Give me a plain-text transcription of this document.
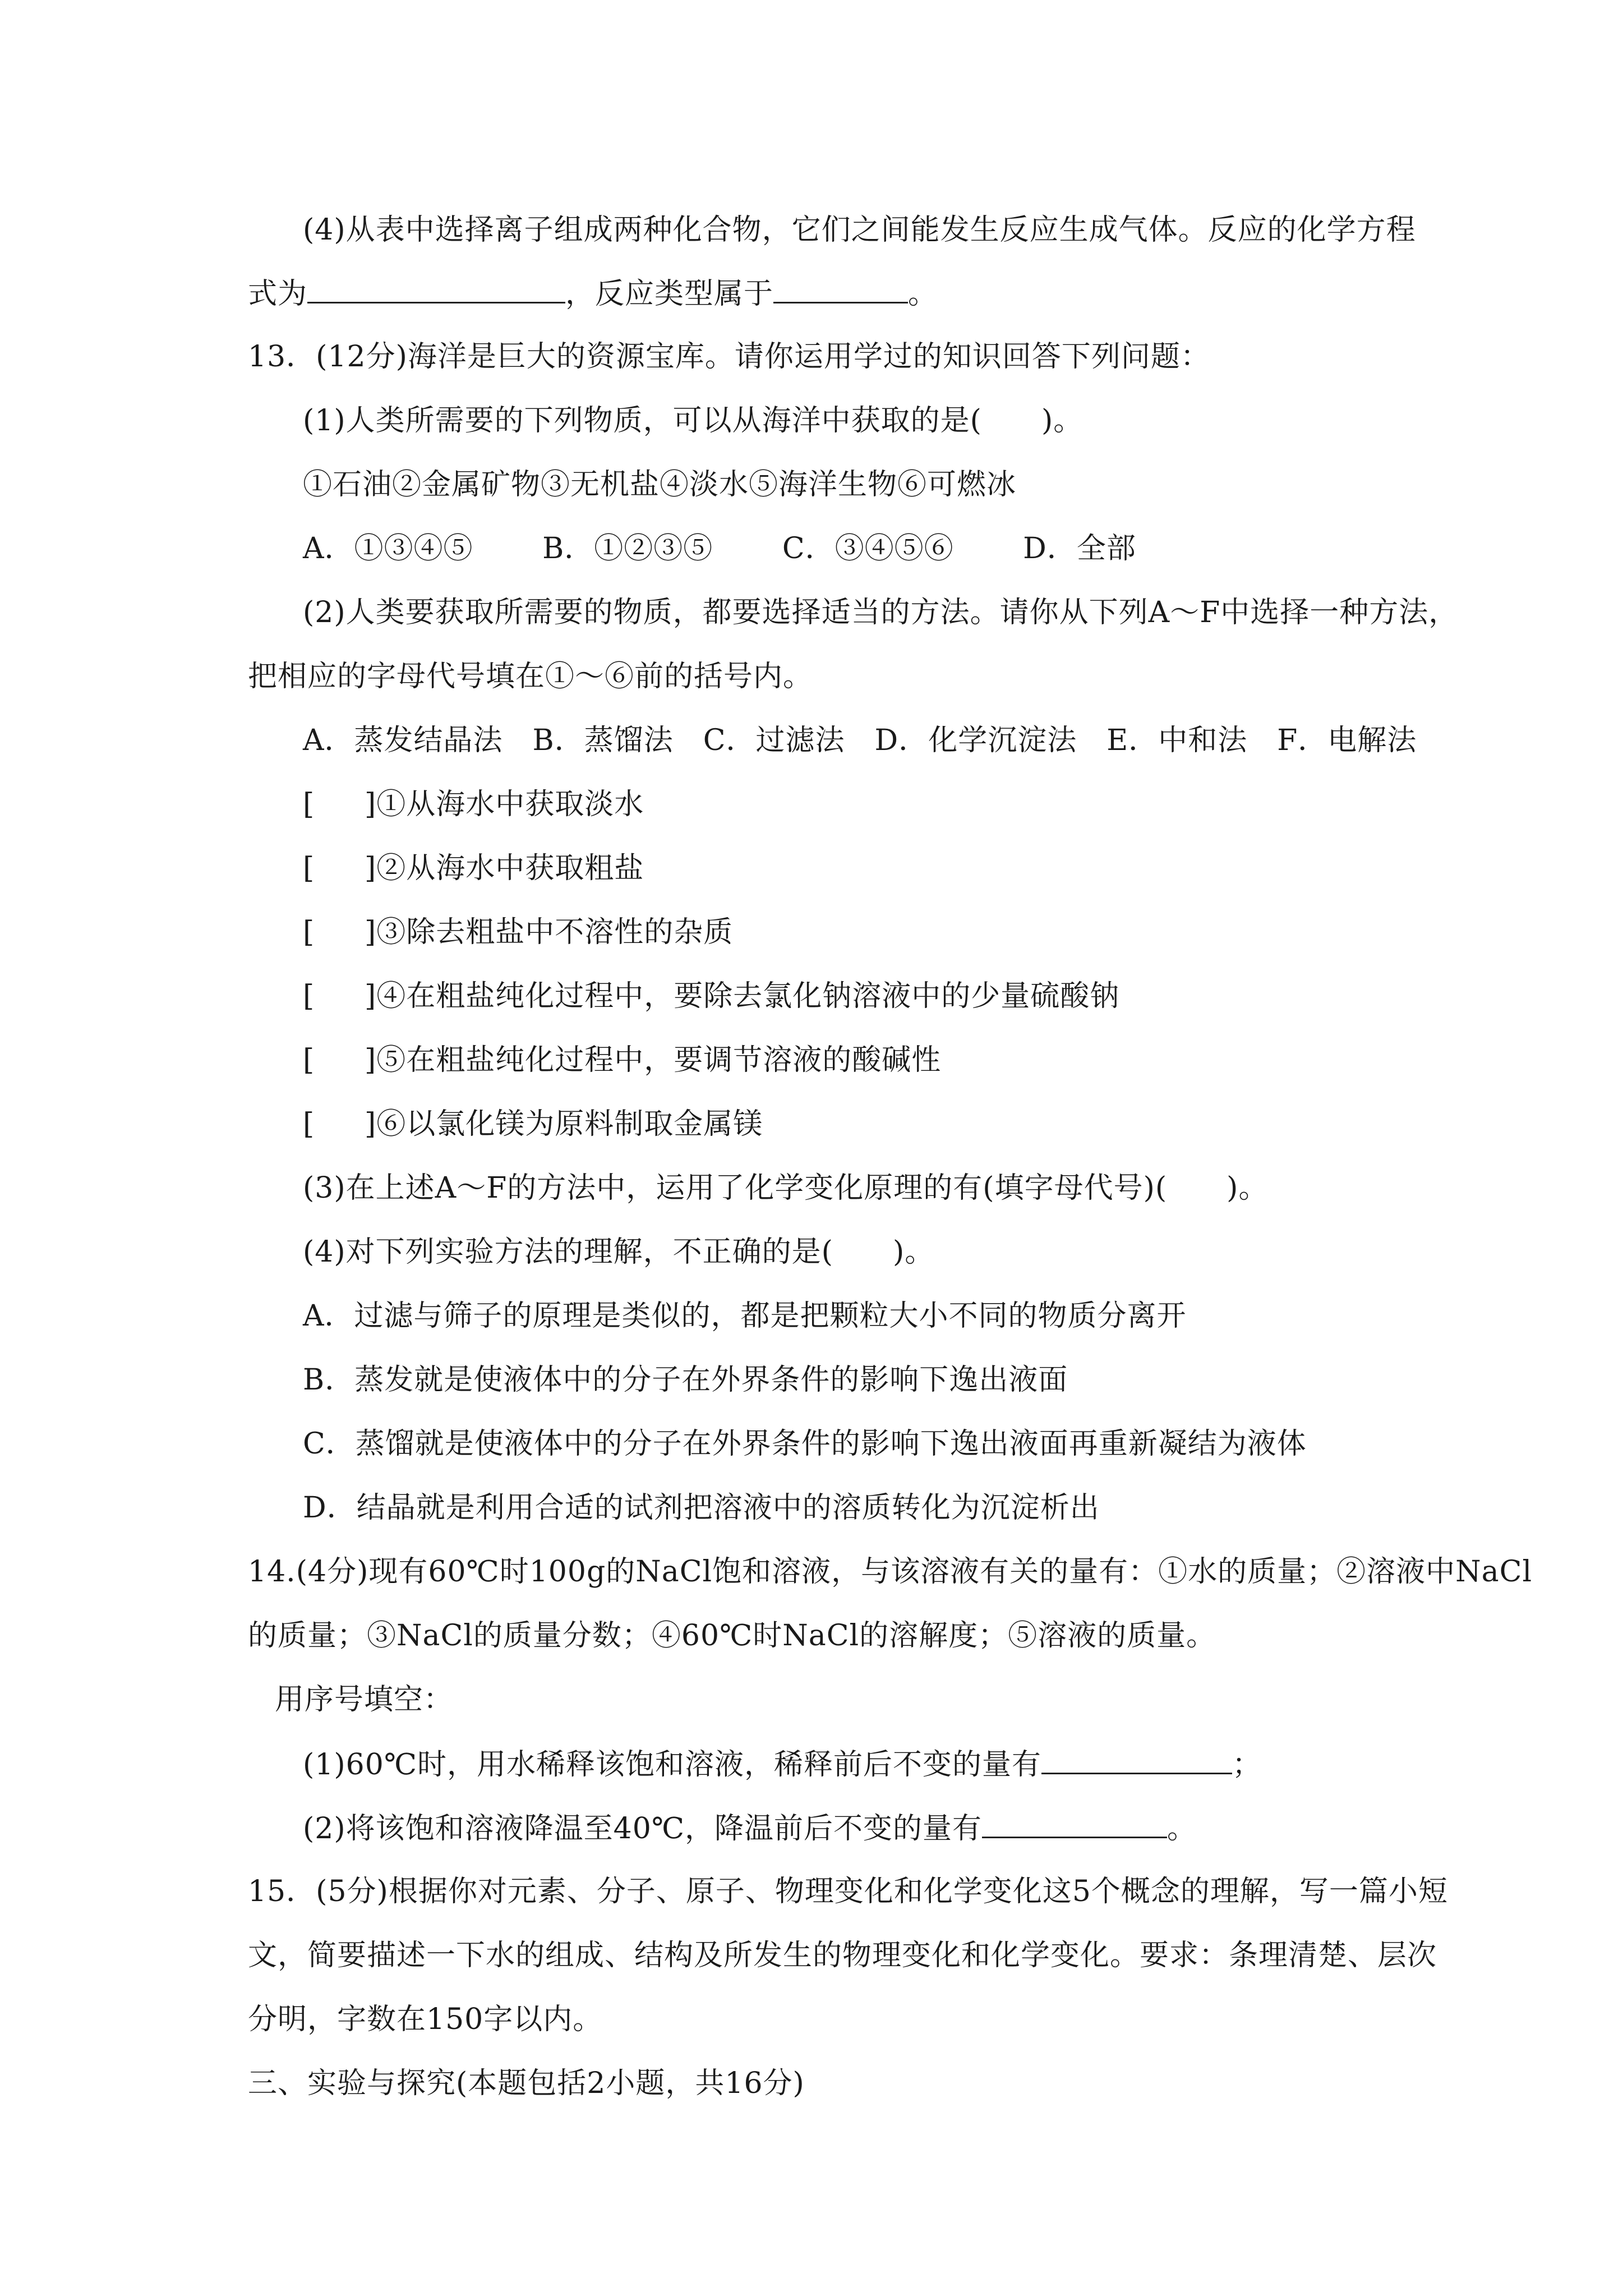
(4)从表中选择离子组成两种化合物，它们之间能发生反应生成气体。反应的化学方程
式为	，反应类型属于	。
13．(12分)海洋是巨大的资源宝库。请你运用学过的知识回答下列问题：
(1)人类所需要的下列物质，可以从海洋中获取的是(　　)。
①石油②金属矿物③无机盐④淡水⑤海洋生物⑥可燃冰
A．①③④⑤　　 B．①②③⑤　　 C．③④⑤⑥　　 D．全部
(2)人类要获取所需要的物质，都要选择适当的方法。请你从下列A～F中选择一种方法，
把相应的字母代号填在①～⑥前的括号内。
A．蒸发结晶法　B．蒸馏法　C．过滤法　D．化学沉淀法　E．中和法　F．电解法
[ ]①从海水中获取淡水
[ ]②从海水中获取粗盐
[ ]③除去粗盐中不溶性的杂质
[ ]④在粗盐纯化过程中，要除去氯化钠溶液中的少量硫酸钠
[ ]⑤在粗盐纯化过程中，要调节溶液的酸碱性
[ ]⑥以氯化镁为原料制取金属镁
(3)在上述A～F的方法中，运用了化学变化原理的有(填字母代号)(　　)。
(4)对下列实验方法的理解，不正确的是(　　)。
A．过滤与筛子的原理是类似的，都是把颗粒大小不同的物质分离开
B．蒸发就是使液体中的分子在外界条件的影响下逸出液面
C．蒸馏就是使液体中的分子在外界条件的影响下逸出液面再重新凝结为液体
D．结晶就是利用合适的试剂把溶液中的溶质转化为沉淀析出
14.(4分)现有60℃时100g的NaCl饱和溶液，与该溶液有关的量有：①水的质量；②溶液中NaCl
的质量；③NaCl的质量分数；④60℃时NaCl的溶解度；⑤溶液的质量。
用序号填空：
(1)60℃时，用水稀释该饱和溶液，稀释前后不变的量有	；
(2)将该饱和溶液降温至40℃，降温前后不变的量有	。
15．(5分)根据你对元素、分子、原子、物理变化和化学变化这5个概念的理解，写一篇小短
文，简要描述一下水的组成、结构及所发生的物理变化和化学变化。要求：条理清楚、层次
分明，字数在150字以内。
三、实验与探究(本题包括2小题，共16分)
